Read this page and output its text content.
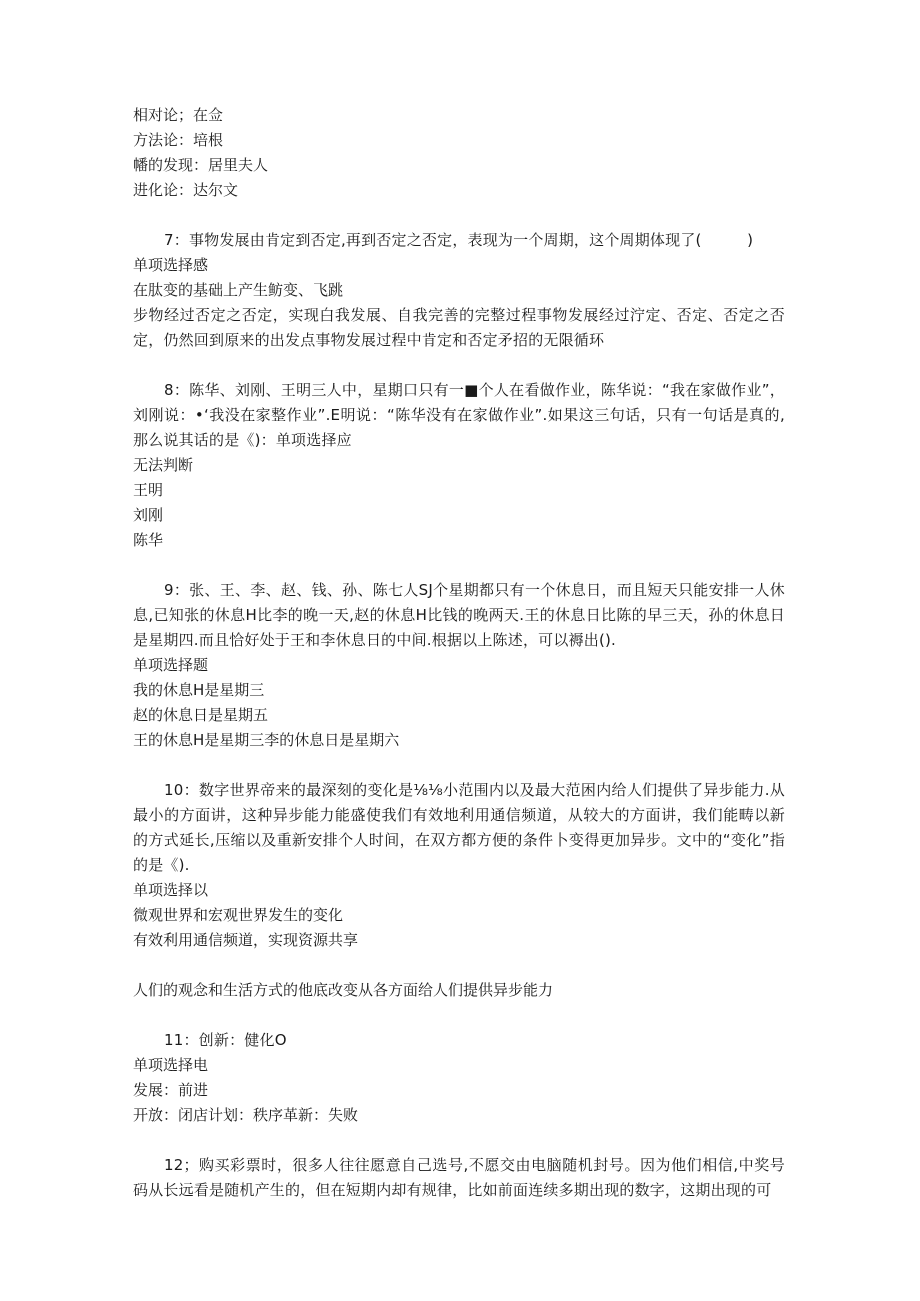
相对论；在佥
方法论：培根
幡的发现：居里夫人
进化论：达尔文
7：事物发展由肯定到否定,再到否定之否定，表现为一个周期，这个周期体现了(　　　)
单项选择感
在肽变的基础上产生鲂变、飞跳
步物经过否定之否定，实现白我发展、自我完善的完整过程事物发展经过泞定、否定、否定之否定，仍然回到原来的出发点事物发展过程中肯定和否定矛招的无限循环
8：陈华、刘刚、王明三人中，星期口只有一■个人在看做作业，陈华说：“我在家做作业”，刘刚说：•‘我没在家整作业”.E明说：“陈华没有在家做作业”.如果这三句话，只有一句话是真的,那么说其话的是《)：单项选择应
无法判断
王明
刘刚
陈华
9：张、王、李、赵、钱、孙、陈七人SJ个星期都只有一个休息日，而且短天只能安排一人休息,已知张的休息H比李的晚一天,赵的休息H比钱的晚两天.王的休息日比陈的早三天，孙的休息日是星期四.而且恰好处于王和李休息日的中间.根据以上陈述，可以褥出().
单项选择题
我的休息H是星期三
赵的休息日是星期五
王的休息H是星期三李的休息日是星期六
10：数字世界帝来的最深刻的变化是⅛⅛小范围内以及最大范困内给人们提供了异步能力.从最小的方面讲，这种异步能力能盛使我们有效地利用通信频道，从较大的方面讲，我们能畴以新的方式延长,压缩以及重新安排个人时间，在双方都方便的条件卜变得更加异步。文中的“变化”指的是《).
单项选择以
微观世界和宏观世界发生的变化
有效利用通信频道，实现资源共享
人们的观念和生活方式的他底改变从各方面给人们提供异步能力
11：创新：健化O
单项选择电
发展：前进
开放：闭店计划：秩序革新：失败
12；购买彩票时，很多人往往愿意自己选号,不愿交由电脑随机封号。因为他们相信,中奖号码从长远看是随机产生的，但在短期内却有规律，比如前面连续多期出现的数字，这期出现的可
